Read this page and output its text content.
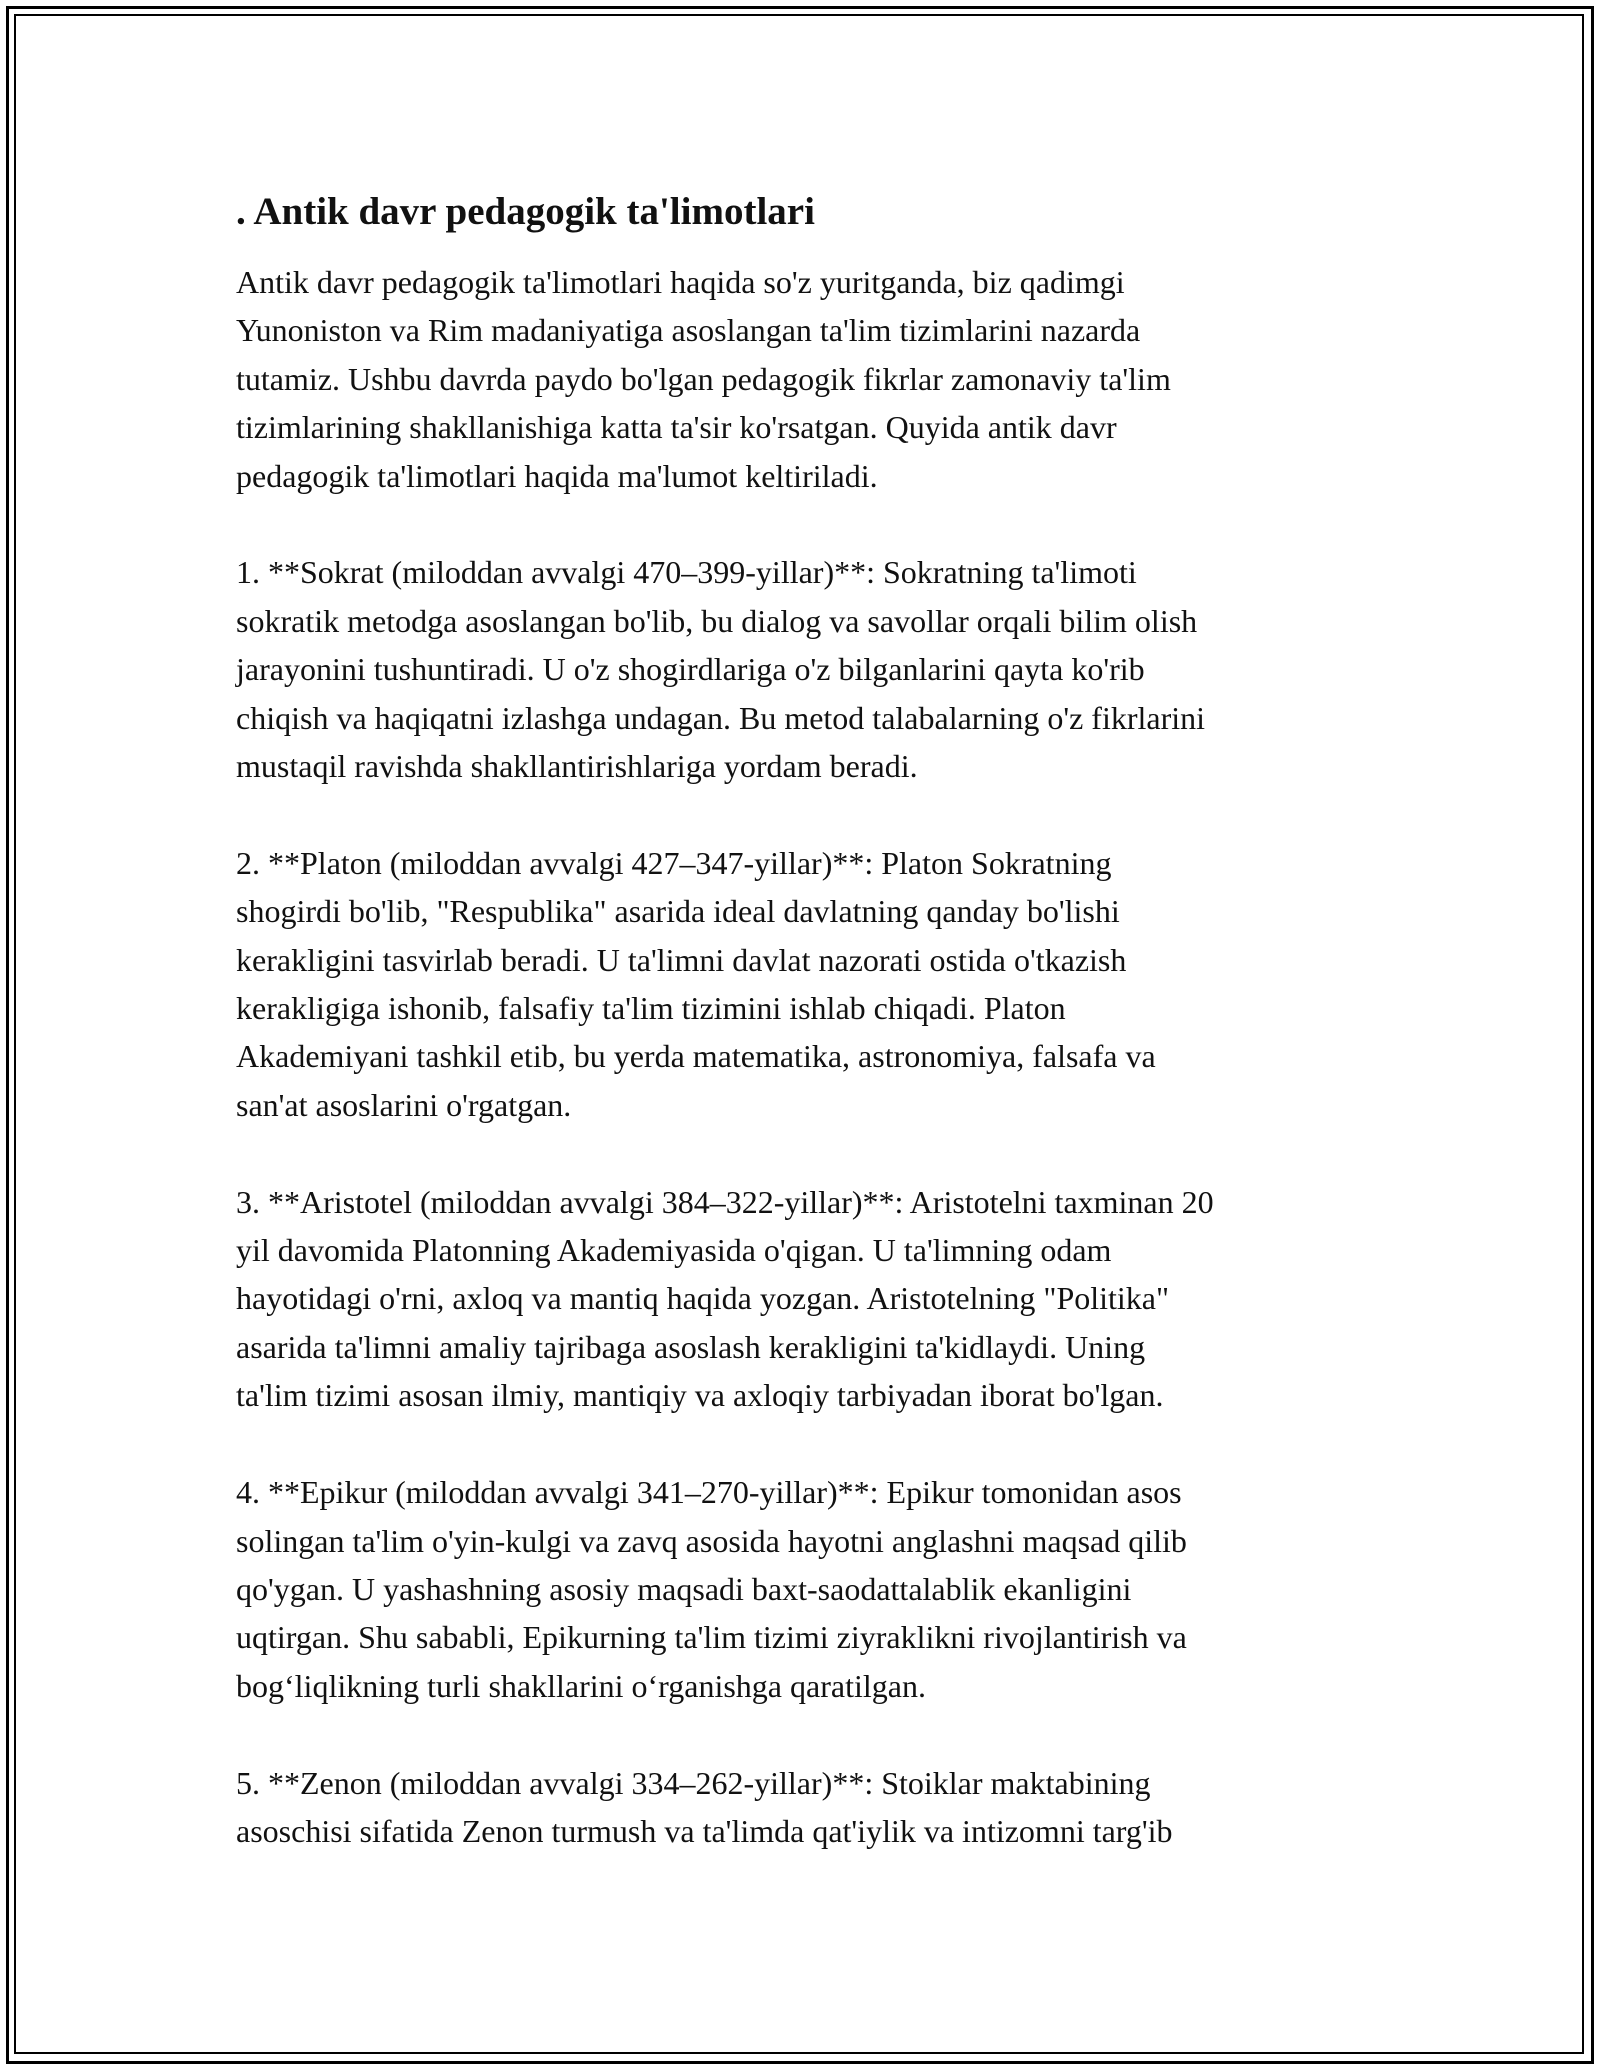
. Antik davr pedagogik ta'limotlari

Antik davr pedagogik ta'limotlari haqida so'z yuritganda, biz qadimgi
Yunoniston va Rim madaniyatiga asoslangan ta'lim tizimlarini nazarda
tutamiz. Ushbu davrda paydo bo'lgan pedagogik fikrlar zamonaviy ta'lim
tizimlarining shakllanishiga katta ta'sir ko'rsatgan. Quyida antik davr
pedagogik ta'limotlari haqida ma'lumot keltiriladi.

1. **Sokrat (miloddan avvalgi 470–399-yillar)**: Sokratning ta'limoti
sokratik metodga asoslangan bo'lib, bu dialog va savollar orqali bilim olish
jarayonini tushuntiradi. U o'z shogirdlariga o'z bilganlarini qayta ko'rib
chiqish va haqiqatni izlashga undagan. Bu metod talabalarning o'z fikrlarini
mustaqil ravishda shakllantirishlariga yordam beradi.

2. **Platon (miloddan avvalgi 427–347-yillar)**: Platon Sokratning
shogirdi bo'lib, "Respublika" asarida ideal davlatning qanday bo'lishi
kerakligini tasvirlab beradi. U ta'limni davlat nazorati ostida o'tkazish
kerakligiga ishonib, falsafiy ta'lim tizimini ishlab chiqadi. Platon
Akademiyani tashkil etib, bu yerda matematika, astronomiya, falsafa va
san'at asoslarini o'rgatgan.

3. **Aristotel (miloddan avvalgi 384–322-yillar)**: Aristotelni taxminan 20
yil davomida Platonning Akademiyasida o'qigan. U ta'limning odam
hayotidagi o'rni, axloq va mantiq haqida yozgan. Aristotelning "Politika"
asarida ta'limni amaliy tajribaga asoslash kerakligini ta'kidlaydi. Uning
ta'lim tizimi asosan ilmiy, mantiqiy va axloqiy tarbiyadan iborat bo'lgan.

4. **Epikur (miloddan avvalgi 341–270-yillar)**: Epikur tomonidan asos
solingan ta'lim o'yin-kulgi va zavq asosida hayotni anglashni maqsad qilib
qo'ygan. U yashashning asosiy maqsadi baxt-saodattalablik ekanligini
uqtirgan. Shu sababli, Epikurning ta'lim tizimi ziyraklikni rivojlantirish va
bog‘liqlikning turli shakllarini o‘rganishga qaratilgan.

5. **Zenon (miloddan avvalgi 334–262-yillar)**: Stoiklar maktabining
asoschisi sifatida Zenon turmush va ta'limda qat'iylik va intizomni targ'ib
